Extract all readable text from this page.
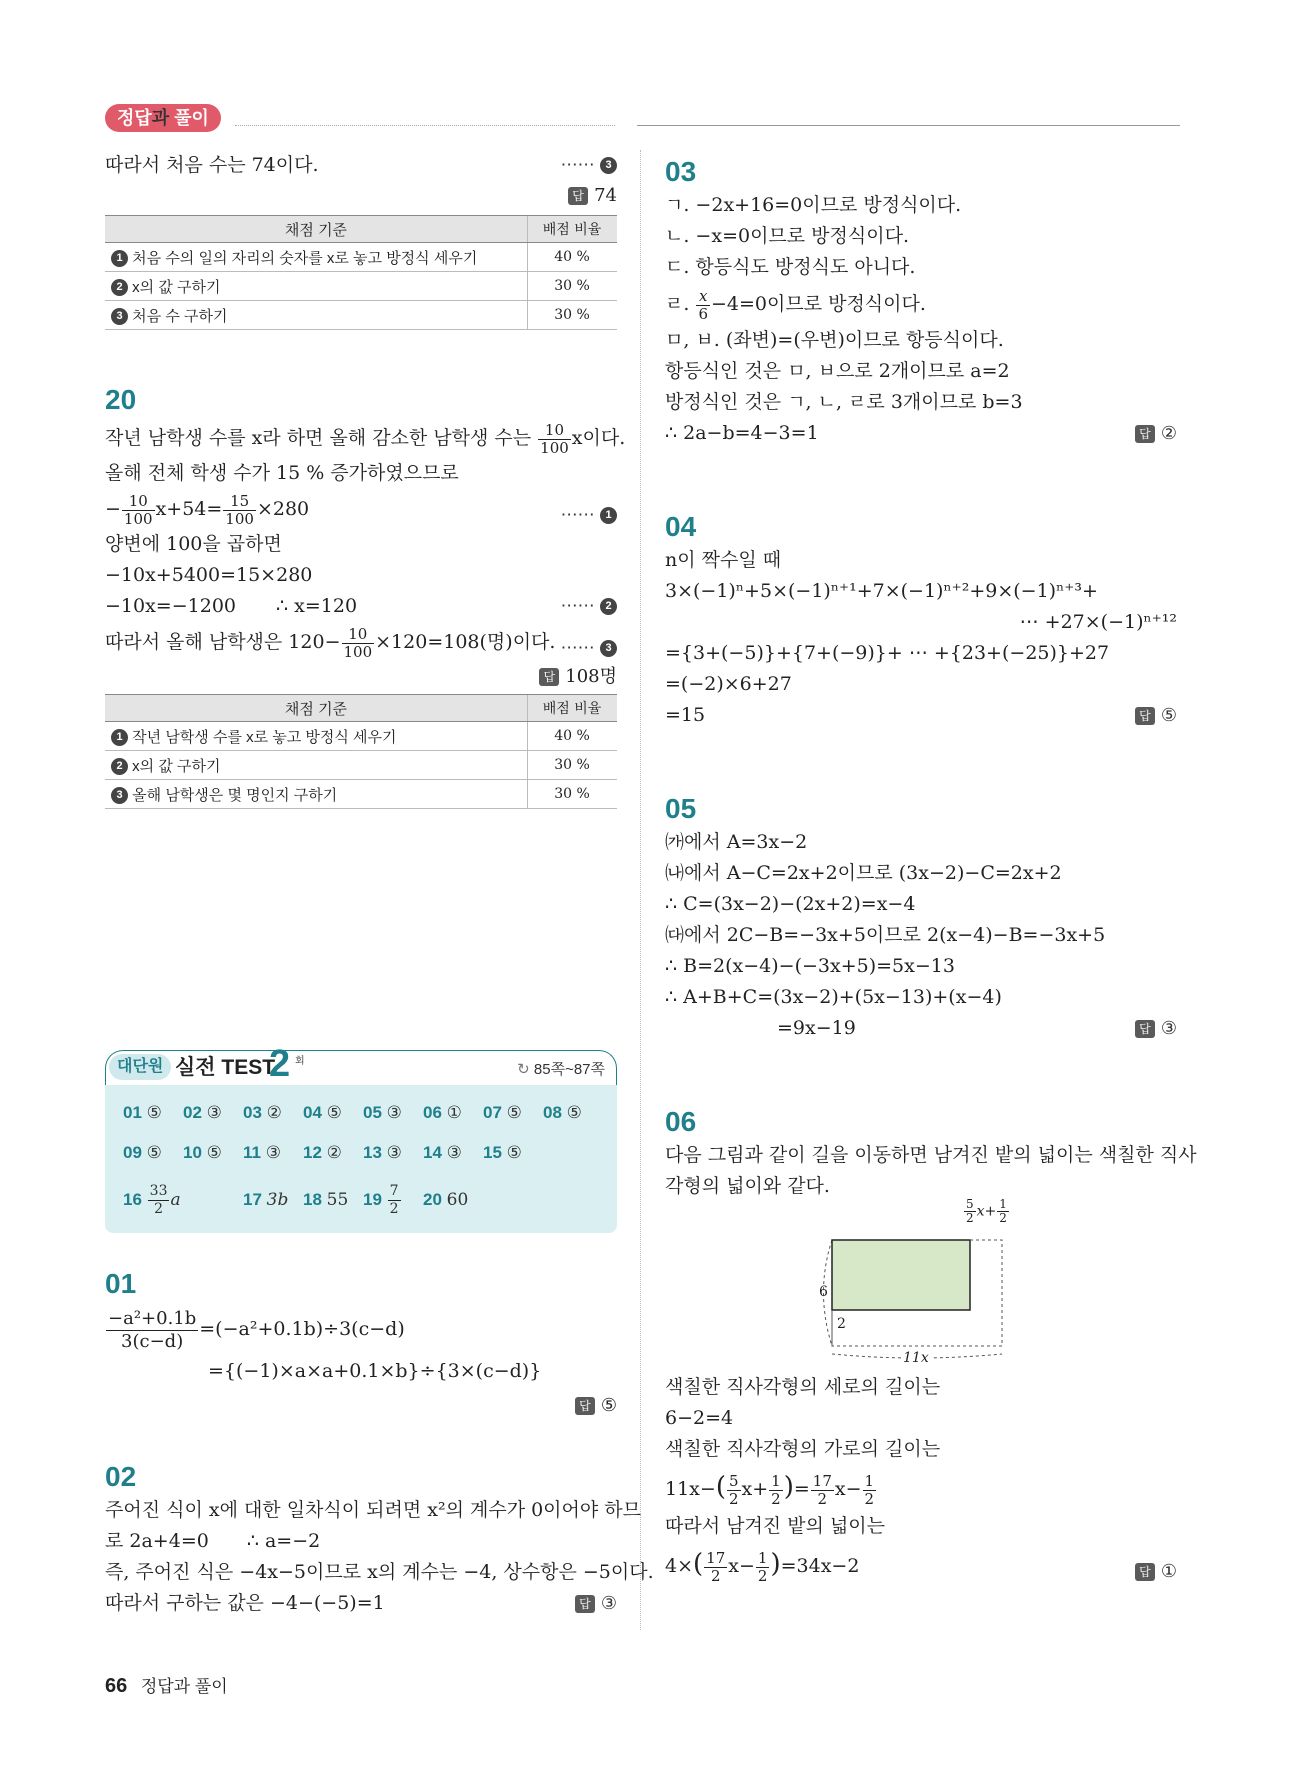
정답과 풀이
따라서 처음 수는 74이다.	⋯⋯ 3
답 74
채점 기준	배점 비율
1 처음 수의 일의 자리의 숫자를 x로 놓고 방정식 세우기	40 %
2 x의 값 구하기	30 %
3 처음 수 구하기	30 %
20
작년 남학생 수를 x라 하면 올해 감소한 남학생 수는 $\frac{10}{100}$ x이다.
올해 전체 학생 수가 15 % 증가하였으므로
− $\frac{10}{100} x+54= \frac{15}{100} \times 280$	⋯⋯ 1
양변에 100을 곱하면
−10x+5400=15×280
−10x=−1200 ∴ x=120	⋯⋯ 2
따라서 올해 남학생은 $120- \frac{10}{100} \times 120=108$(명)이다. ⋯⋯ 3
답 108명
채점 기준	배점 비율
1 작년 남학생 수를 x로 놓고 방정식 세우기	40 %
2 x의 값 구하기	30 %
3 올해 남학생은 몇 명인지 구하기	30 %
대단원 실전 TEST
2 회	↻ 85쪽~87쪽
01 ⑤ 02 ③ 03 ② 04 ⑤ 05 ③ 06 ① 07 ⑤ 08 ⑤
09 ⑤ 10 ⑤ 11 ③ 12 ② 13 ③ 14 ③ 15 ⑤
$16 \frac{33}{2}$ a	17 3b 18 55 $19 \frac{7}{2} 20$ 60
01
$\frac{\text{−a²+0.1b}}{3(c-d)} =(-a^2+0.1b)\div 3(c-d)$
={(−1)×a×a+0.1×b}÷{3×(c−d)}
답 ⑤
02
주어진 식이 x에 대한 일차식이 되려면 x²의 계수가 0이어야 하므
로 2a+4=0 ∴ a=−2
즉, 주어진 식은 −4x−5이므로 x의 계수는 −4, 상수항은 −5이다.
따라서 구하는 값은 −4−(−5)=1	답 ③
03
ㄱ. −2x+16=0이므로 방정식이다.
ㄴ. −x=0이므로 방정식이다.
ㄷ. 항등식도 방정식도 아니다.
ㄹ. $\frac{x}{6} -4=0$이므로 방정식이다.
ㅁ, ㅂ. (좌변)=(우변)이므로 항등식이다.
항등식인 것은 ㅁ, ㅂ으로 2개이므로 a=2
방정식인 것은 ㄱ, ㄴ, ㄹ로 3개이므로 b=3
∴ 2a−b=4−3=1	답 ②
04
n이 짝수일 때
3×(−1)ⁿ+5×(−1)ⁿ⁺¹+7×(−1)ⁿ⁺²+9×(−1)ⁿ⁺³+
⋯ +27×(−1)ⁿ⁺¹²
={3+(−5)}+{7+(−9)}+ ⋯ +{23+(−25)}+27
=(−2)×6+27
=15	답 ⑤
05
㈎에서 A=3x−2
㈏에서 A−C=2x+2이므로 (3x−2)−C=2x+2
∴ C=(3x−2)−(2x+2)=x−4
㈐에서 2C−B=−3x+5이므로 2(x−4)−B=−3x+5
∴ B=2(x−4)−(−3x+5)=5x−13
∴ A+B+C=(3x−2)+(5x−13)+(x−4)
=9x−19	답 ③
06
다음 그림과 같이 길을 이동하면 남겨진 밭의 넓이는 색칠한 직사
각형의 넓이와 같다.
$\frac{5}{2} x+ \frac{1}{2}$
6
2
11x
색칠한 직사각형의 세로의 길이는
6−2=4
색칠한 직사각형의 가로의 길이는
$11x-( \frac{5}{2} x+ \frac{1}{2}$ )= $\frac{17}{2} x- \frac{1}{2}$
따라서 남겨진 밭의 넓이는
$4\times( \frac{17}{2} x- \frac{1}{2} )=34x-2$	답 ①
66 정답과 풀이
